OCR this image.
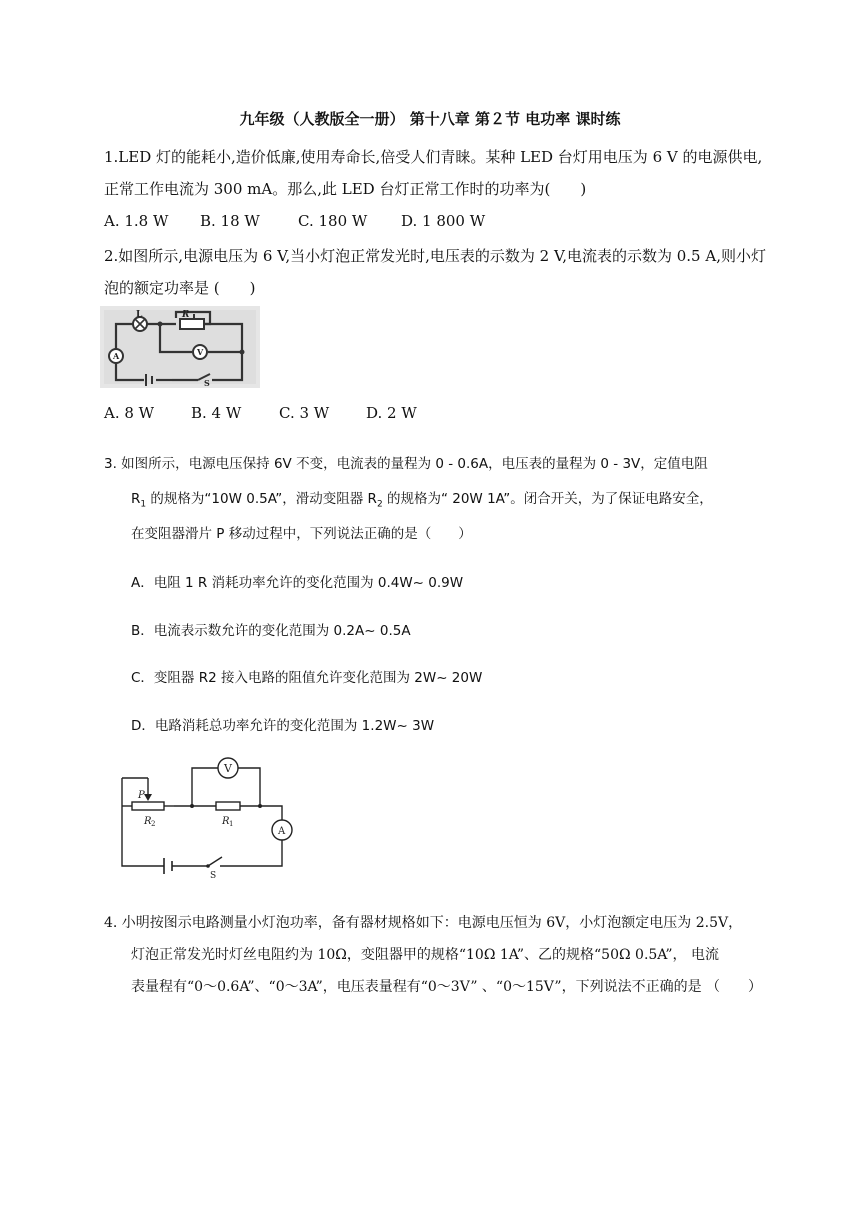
九年级（人教版全一册） 第十八章 第２节 电功率 课时练
1.LED 灯的能耗小,造价低廉,使用寿命长,倍受人们青睐。某种 LED 台灯用电压为 6 V 的电源供电,
正常工作电流为 300 mA。那么,此 LED 台灯正常工作时的功率为(　　)
A. 1.8 W B. 18 W	C. 180 W D. 1 800 W
2.如图所示,电源电压为 6 V,当小灯泡正常发光时,电压表的示数为 2 V,电流表的示数为 0.5 A,则小灯
泡的额定功率是 (　　)
L	R
A	V
S
A. 8 W B. 4 W	C. 3 W D. 2 W
3. 如图所示，电源电压保持 6V 不变，电流表的量程为 0 - 0.6A，电压表的量程为 0 - 3V，定值电阻
$R_1$ 的规格为“10W 0.5A”，滑动变阻器 $R_2$ 的规格为“ 20W 1A”。闭合开关，为了保证电路安全，
在变阻器滑片 P 移动过程中，下列说法正确的是（　　）
A．电阻 1 R 消耗功率允许的变化范围为 0.4W~ 0.9W
B．电流表示数允许的变化范围为 0.2A~ 0.5A
C．变阻器 R2 接入电路的阻值允许变化范围为 2W~ 20W
D．电路消耗总功率允许的变化范围为 1.2W~ 3W
V
P
R 2	R 1
A
S
4. 小明按图示电路测量小灯泡功率，备有器材规格如下：电源电压恒为 6V，小灯泡额定电压为 2.5V，
灯泡正常发光时灯丝电阻约为 10Ω，变阻器甲的规格“10Ω 1A”、乙的规格“50Ω 0.5A”， 电流
表量程有“0～0.6A”、“0～3A”，电压表量程有“0～3V” 、“0～15V”，下列说法不正确的是 （　　）
